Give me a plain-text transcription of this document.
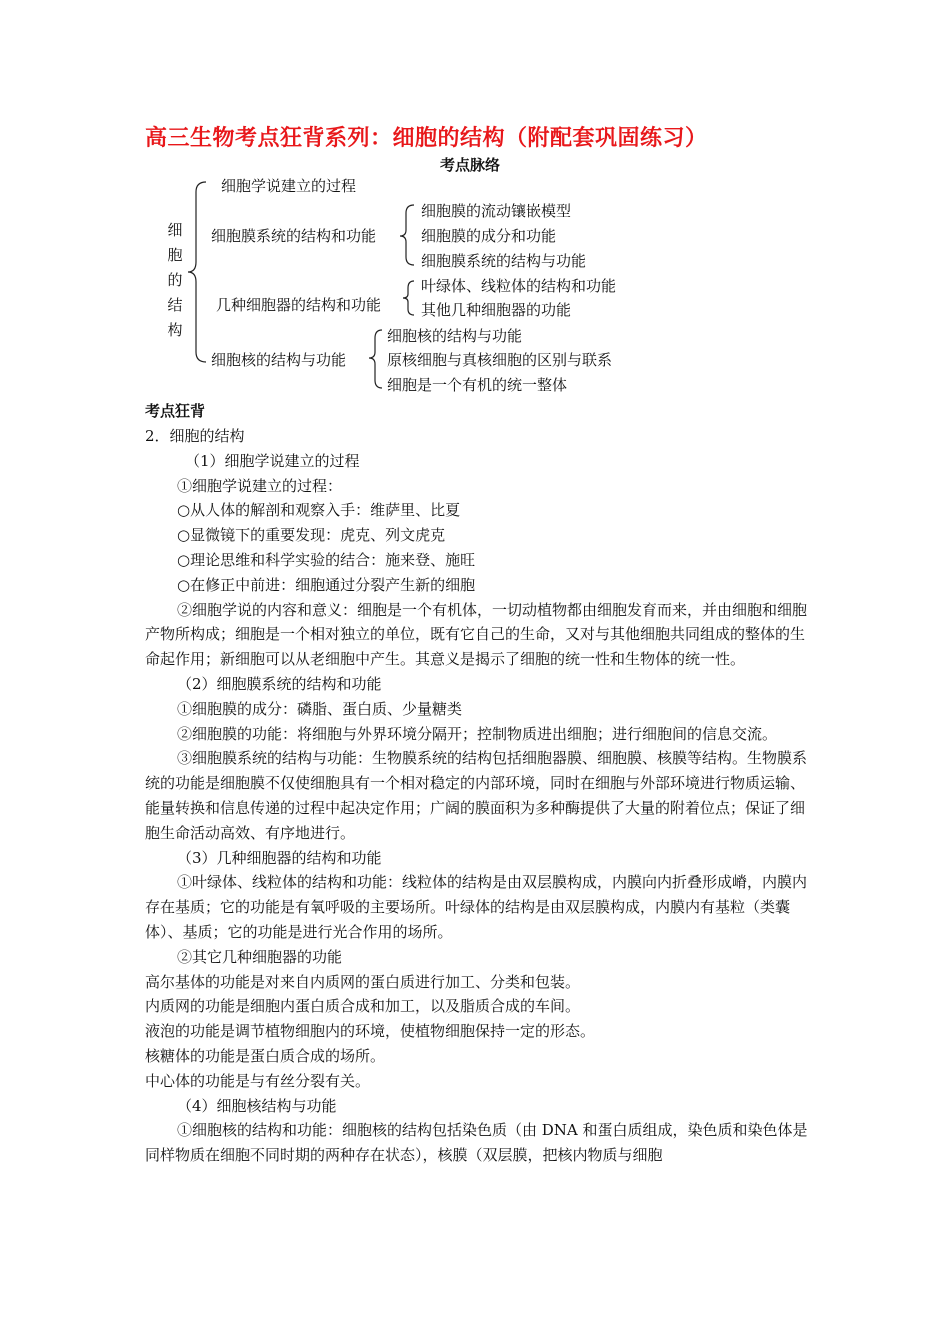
高三生物考点狂背系列：细胞的结构（附配套巩固练习）
考点脉络
细
胞
的
结
构
细胞学说建立的过程
细胞膜系统的结构和功能
细胞膜的流动镶嵌模型
细胞膜的成分和功能
细胞膜系统的结构与功能
几种细胞器的结构和功能
叶绿体、线粒体的结构和功能
其他几种细胞器的功能
细胞核的结构与功能
细胞核的结构与功能
原核细胞与真核细胞的区别与联系
细胞是一个有机的统一整体
考点狂背

2．细胞的结构

（1）细胞学说建立的过程

①细胞学说建立的过程：

○从人体的解剖和观察入手：维萨里、比夏

○显微镜下的重要发现：虎克、列文虎克

○理论思维和科学实验的结合：施来登、施旺

○在修正中前进：细胞通过分裂产生新的细胞

②细胞学说的内容和意义：细胞是一个有机体，一切动植物都由细胞发育而来，并由细胞和细胞产物所构成；细胞是一个相对独立的单位，既有它自己的生命，又对与其他细胞共同组成的整体的生命起作用；新细胞可以从老细胞中产生。其意义是揭示了细胞的统一性和生物体的统一性。

（2）细胞膜系统的结构和功能

①细胞膜的成分：磷脂、蛋白质、少量糖类

②细胞膜的功能：将细胞与外界环境分隔开；控制物质进出细胞；进行细胞间的信息交流。

③细胞膜系统的结构与功能：生物膜系统的结构包括细胞器膜、细胞膜、核膜等结构。生物膜系统的功能是细胞膜不仅使细胞具有一个相对稳定的内部环境，同时在细胞与外部环境进行物质运输、能量转换和信息传递的过程中起决定作用；广阔的膜面积为多种酶提供了大量的附着位点；保证了细胞生命活动高效、有序地进行。

（3）几种细胞器的结构和功能

①叶绿体、线粒体的结构和功能：线粒体的结构是由双层膜构成，内膜向内折叠形成嵴，内膜内存在基质；它的功能是有氧呼吸的主要场所。叶绿体的结构是由双层膜构成，内膜内有基粒（类囊体）、基质；它的功能是进行光合作用的场所。

②其它几种细胞器的功能

高尔基体的功能是对来自内质网的蛋白质进行加工、分类和包装。

内质网的功能是细胞内蛋白质合成和加工，以及脂质合成的车间。

液泡的功能是调节植物细胞内的环境，使植物细胞保持一定的形态。

核糖体的功能是蛋白质合成的场所。

中心体的功能是与有丝分裂有关。

（4）细胞核结构与功能

①细胞核的结构和功能：细胞核的结构包括染色质（由 DNA 和蛋白质组成，染色质和染色体是同样物质在细胞不同时期的两种存在状态），核膜（双层膜，把核内物质与细胞
